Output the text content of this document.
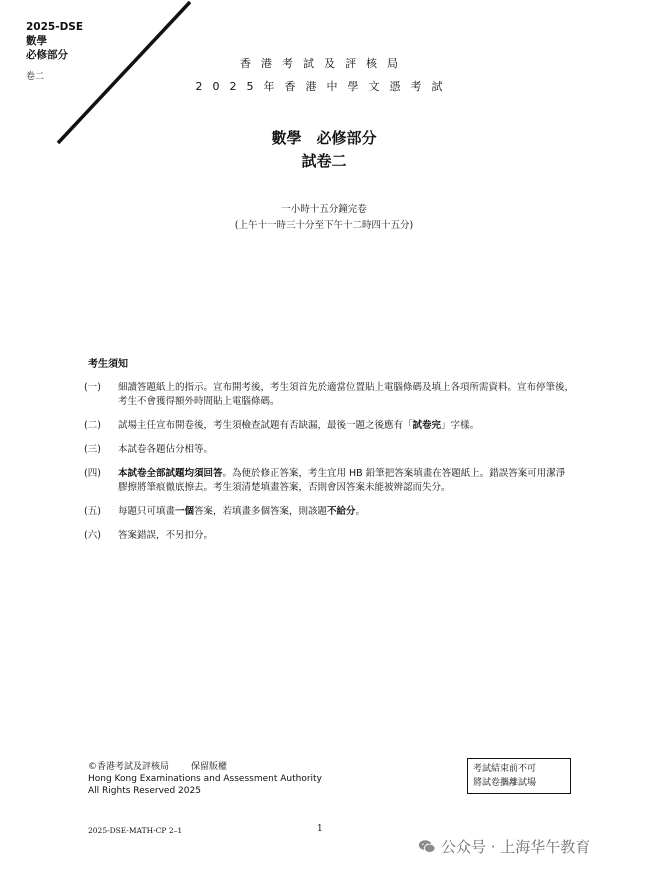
2025-DSE
數學
必修部分
卷二
香港考試及評核局
2025年香港中學文憑考試
數學　必修部分
試卷二
一小時十五分鐘完卷
(上午十一時三十分至下午十二時四十五分)
考生須知
(一)	細讀答題紙上的指示。宣布開考後，考生須首先於適當位置貼上電腦條碼及填上各項所需資料。宣布停筆後，考生不會獲得額外時間貼上電腦條碼。
(二)	試場主任宣布開卷後，考生須檢查試題有否缺漏，最後一題之後應有「試卷完」字樣。
(三)	本試卷各題佔分相等。
(四)	本試卷全部試題均須回答。為便於修正答案，考生宜用 HB 鉛筆把答案填畫在答題紙上。錯誤答案可用潔淨膠擦將筆痕徹底擦去。考生須清楚填畫答案，否則會因答案未能被辨認而失分。
(五)	每題只可填畫一個答案，若填畫多個答案，則該題不給分。
(六)	答案錯誤，不另扣分。
©香港考試及評核局 保留版權
Hong Kong Examinations and Assessment Authority
All Rights Reserved 2025
考試結束前不可
將試卷攜離試場
2025-DSE-MATH-CP 2–1	1
公众号 · 上海华午教育
